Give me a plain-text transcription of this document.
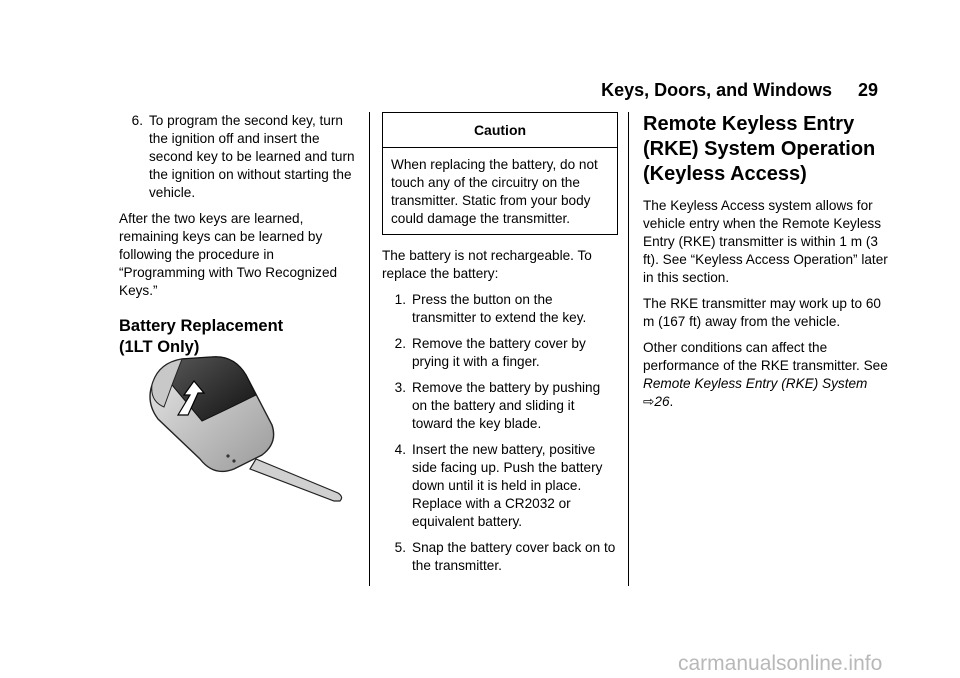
Keys, Doors, and Windows 29
6. To program the second key, turn the ignition off and insert the second key to be learned and turn the ignition on without starting the vehicle.

After the two keys are learned, remaining keys can be learned by following the procedure in “Programming with Two Recognized Keys.”

Battery Replacement
(1LT Only)
Caution
When replacing the battery, do not touch any of the circuitry on the transmitter. Static from your body could damage the transmitter.

The battery is not rechargeable. To replace the battery:

1. Press the button on the transmitter to extend the key.
2. Remove the battery cover by prying it with a finger.
3. Remove the battery by pushing on the battery and sliding it toward the key blade.
4. Insert the new battery, positive side facing up. Push the battery down until it is held in place. Replace with a CR2032 or equivalent battery.
5. Snap the battery cover back on to the transmitter.
Remote Keyless Entry (RKE) System Operation (Keyless Access)

The Keyless Access system allows for vehicle entry when the Remote Keyless Entry (RKE) transmitter is within 1 m (3 ft). See “Keyless Access Operation” later in this section.

The RKE transmitter may work up to 60 m (167 ft) away from the vehicle.

Other conditions can affect the performance of the RKE transmitter. See Remote Keyless Entry (RKE) System ⇨26.

carmanualsonline.info
